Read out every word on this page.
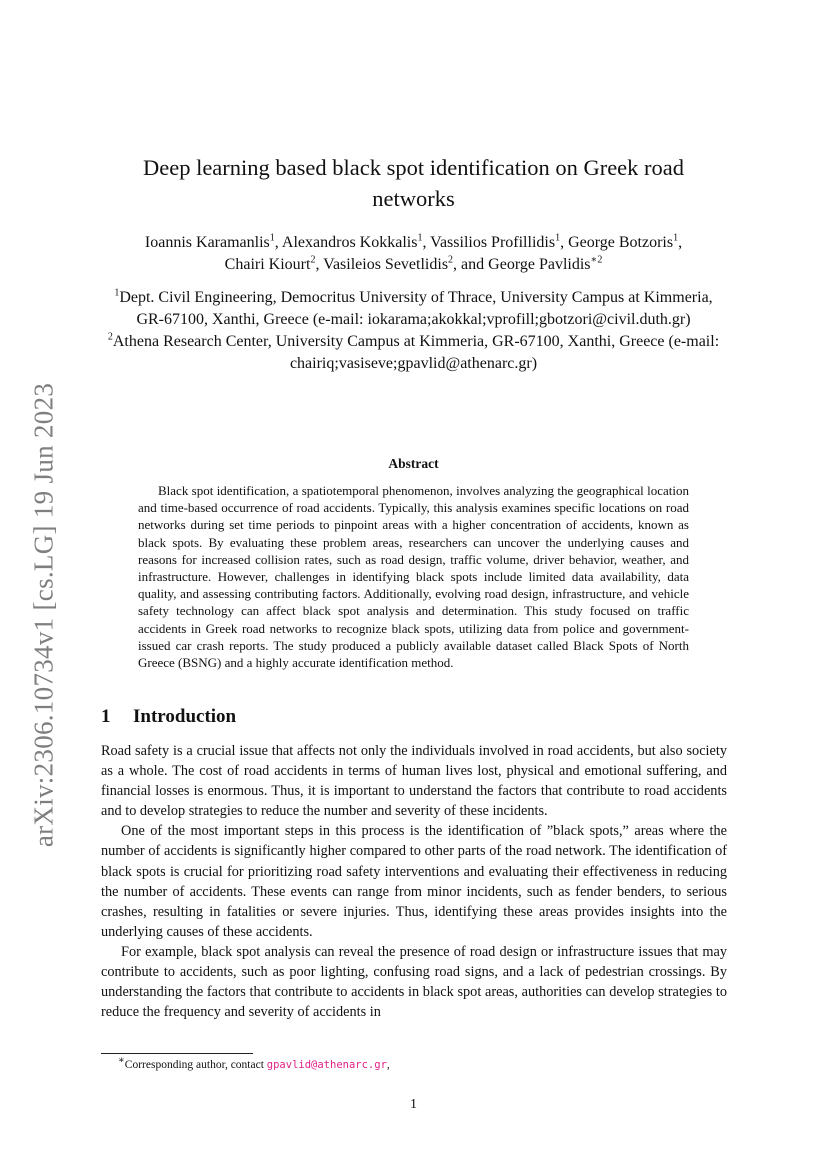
arXiv:2306.10734v1 [cs.LG] 19 Jun 2023
Deep learning based black spot identification on Greek road networks
Ioannis Karamanlis$^1$, Alexandros Kokkalis$^1$, Vassilios Profillidis$^1$, George Botzoris$^1$,
Chairi Kiourt$^2$, Vasileios Sevetlidis$^2$, and George Pavlidis$^{∗2}$

$^1$Dept. Civil Engineering, Democritus University of Thrace, University Campus at Kimmeria, GR-67100, Xanthi, Greece (e-mail: iokarama;akokkal;vprofill;gbotzori@civil.duth.gr)

$^2$Athena Research Center, University Campus at Kimmeria, GR-67100, Xanthi, Greece (e-mail: chairiq;vasiseve;gpavlid@athenarc.gr)

Abstract

Black spot identification, a spatiotemporal phenomenon, involves analyzing the geographical location and time-based occurrence of road accidents. Typically, this analysis examines specific locations on road networks during set time periods to pinpoint areas with a higher concentration of accidents, known as black spots. By evaluating these problem areas, researchers can uncover the underlying causes and reasons for increased collision rates, such as road design, traffic volume, driver behavior, weather, and infrastructure. However, challenges in identifying black spots include limited data availability, data quality, and assessing contributing factors. Additionally, evolving road design, infrastructure, and vehicle safety technology can affect black spot analysis and determination. This study focused on traffic accidents in Greek road networks to recognize black spots, utilizing data from police and government-issued car crash reports. The study produced a publicly available dataset called Black Spots of North Greece (BSNG) and a highly accurate identification method.

1 Introduction

Road safety is a crucial issue that affects not only the individuals involved in road accidents, but also society as a whole. The cost of road accidents in terms of human lives lost, physical and emotional suffering, and financial losses is enormous. Thus, it is important to understand the factors that contribute to road accidents and to develop strategies to reduce the number and severity of these incidents.

One of the most important steps in this process is the identification of ”black spots,” areas where the number of accidents is significantly higher compared to other parts of the road network. The identification of black spots is crucial for prioritizing road safety interventions and evaluating their effectiveness in reducing the number of accidents. These events can range from minor incidents, such as fender benders, to serious crashes, resulting in fatalities or severe injuries. Thus, identifying these areas provides insights into the underlying causes of these accidents.

For example, black spot analysis can reveal the presence of road design or infrastructure issues that may contribute to accidents, such as poor lighting, confusing road signs, and a lack of pedestrian crossings. By understanding the factors that contribute to accidents in black spot areas, authorities can develop strategies to reduce the frequency and severity of accidents in

∗Corresponding author, contact gpavlid@athenarc.gr,
1
